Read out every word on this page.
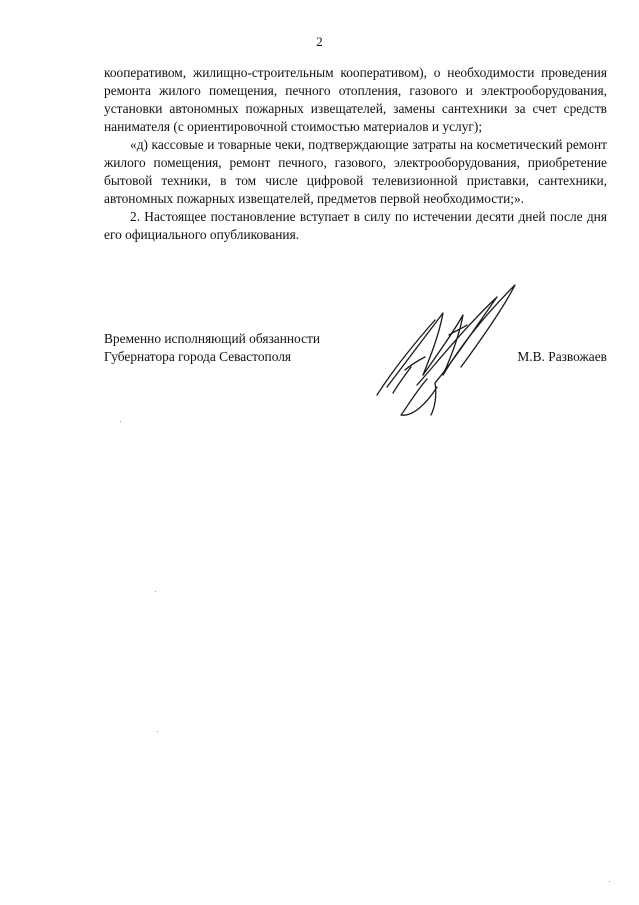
2

кооперативом, жилищно-строительным кооперативом), о необходимости проведения ремонта жилого помещения, печного отопления, газового и электрооборудования, установки автономных пожарных извещателей, замены сантехники за счет средств нанимателя (с ориентировочной стоимостью материалов и услуг);

«д) кассовые и товарные чеки, подтверждающие затраты на косметический ремонт жилого помещения, ремонт печного, газового, электрооборудования, приобретение бытовой техники, в том числе цифровой телевизионной приставки, сантехники, автономных пожарных извещателей, предметов первой необходимости;».

2. Настоящее постановление вступает в силу по истечении десяти дней после дня его официального опубликования.

Временно исполняющий обязанности
Губернатора города Севастополя	М.В. Развожаев
